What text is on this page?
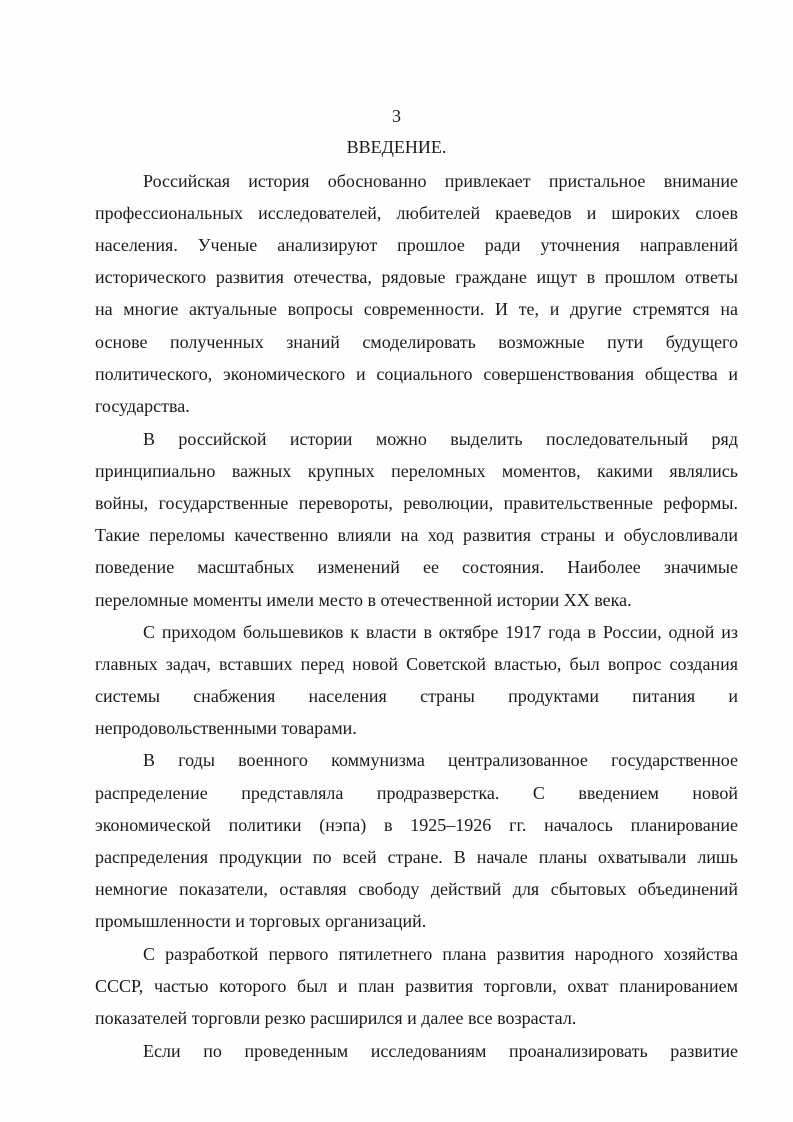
3

ВВЕДЕНИЕ.

Российская история обоснованно привлекает пристальное внимание

профессиональных исследователей, любителей краеведов и широких слоев

населения. Ученые анализируют прошлое ради уточнения направлений

исторического развития отечества, рядовые граждане ищут в прошлом ответы

на многие актуальные вопросы современности. И те, и другие стремятся на

основе полученных знаний смоделировать возможные пути будущего

политического, экономического и социального совершенствования общества и

государства.

В российской истории можно выделить последовательный ряд

принципиально важных крупных переломных моментов, какими являлись

войны, государственные перевороты, революции, правительственные реформы.

Такие переломы качественно влияли на ход развития страны и обусловливали

поведение масштабных изменений ее состояния. Наиболее значимые

переломные моменты имели место в отечественной истории XX века.

С приходом большевиков к власти в октябре 1917 года в России, одной из

главных задач, вставших перед новой Советской властью, был вопрос создания

системы снабжения населения страны продуктами питания и

непродовольственными товарами.

В годы военного коммунизма централизованное государственное

распределение представляла продразверстка. С введением новой

экономической политики (нэпа) в 1925–1926 гг. началось планирование

распределения продукции по всей стране. В начале планы охватывали лишь

немногие показатели, оставляя свободу действий для сбытовых объединений

промышленности и торговых организаций.

С разработкой первого пятилетнего плана развития народного хозяйства

СССР, частью которого был и план развития торговли, охват планированием

показателей торговли резко расширился и далее все возрастал.

Если по проведенным исследованиям проанализировать развитие
